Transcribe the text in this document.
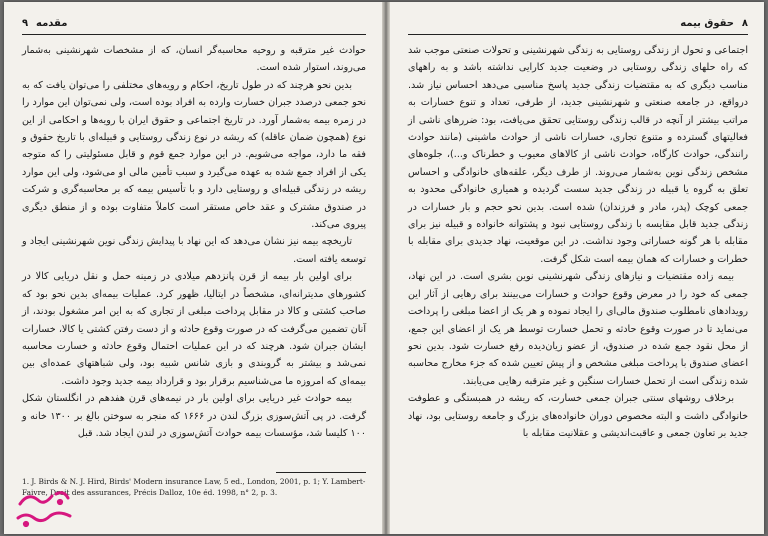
۹ مقدمه

حوادث غیر مترقبه و روحیه محاسبه‌گر انسان، که از مشخصات شهرنشینی به‌شمار می‌روند، استوار شده است.

بدین نحو هرچند که در طول تاریخ، احکام و رویه‌های مختلفی را می‌توان یافت که به نحو جمعی درصدد جبران خسارت وارده به افراد بوده است، ولی نمی‌توان این موارد را در زمره بیمه به‌شمار آورد. در تاریخ اجتماعی و حقوق ایران با رویه‌ها و احکامی از این نوع (همچون ضمان عاقله) که ریشه در نوع زندگی روستایی و قبیله‌ای با تاریخ حقوق و فقه ما دارد، مواجه می‌شویم. در این موارد جمع قوم و قابل مسئولیتی را که متوجه یکی از افراد جمع شده به عهده می‌گیرد و سبب تأمین مالی او می‌شود، ولی این موارد ریشه در زندگی قبیله‌ای و روستایی دارد و با تأسیس بیمه که بر محاسبه‌گری و شرکت در صندوق مشترک و عقد خاص مستقر است کاملاً متفاوت بوده و از منطق دیگری پیروی می‌کند.

تاریخچه بیمه نیز نشان می‌دهد که این نهاد با پیدایش زندگی نوین شهرنشینی ایجاد و توسعه یافته است.

برای اولین بار بیمه از قرن پانزدهم میلادی در زمینه حمل و نقل دریایی کالا در کشورهای مدیترانه‌ای، مشخصاً در ایتالیا، ظهور کرد. عملیات بیمه‌ای بدین نحو بود که صاحب کشتی و کالا در مقابل پرداخت مبلغی از تجاری که به این امر مشغول بودند، از آنان تضمین می‌گرفت که در صورت وقوع حادثه و از دست رفتن کشتی یا کالا، خسارات ایشان جبران شود. هرچند که در این عملیات احتمال وقوع حادثه و خسارت محاسبه نمی‌شد و بیشتر به گروبندی و بازی شانس شبیه بود، ولی شباهتهای عمده‌ای بین بیمه‌ای که امروزه ما می‌شناسیم برقرار بود و قرارداد بیمه جدید وجود داشت.

بیمه حوادث غیر دریایی برای اولین بار در نیمه‌های قرن هفدهم در انگلستان شکل گرفت. در پی آتش‌سوزی بزرگ لندن در ۱۶۶۶ که منجر به سوختن بالغ بر ۱۳۰۰ خانه و ۱۰۰ کلیسا شد، مؤسسات بیمه حوادث آتش‌سوزی در لندن ایجاد شد. قبل

1. J. Birds & N. J. Hird, Birds' Modern insurance Law, 5 ed., London, 2001, p. 1; Y. Lambert-Faivre, Droit des assurances, Précis Dalloz, 10e éd. 1998, n° 2, p. 3.
۸
حقوق بیمه

اجتماعی و تحول از زندگی روستایی به زندگی شهرنشینی و تحولات صنعتی موجب شد که راه حلهای زندگی روستایی در وضعیت جدید کارایی نداشته باشد و به راههای مناسب دیگری که به مقتضیات زندگی جدید پاسخ مناسبی می‌دهد احساس نیاز شد. درواقع، در جامعه صنعتی و شهرنشینی جدید، از طرفی، تعداد و تنوع خسارات به مراتب بیشتر از آنچه در قالب زندگی روستایی تحقق می‌یافت، بود: ضررهای ناشی از فعالیتهای گسترده و متنوع تجاری، خسارات ناشی از حوادث ماشینی (مانند حوادث رانندگی، حوادث کارگاه، حوادث ناشی از کالاهای معیوب و خطرناک و...)، جلوه‌های مشخص زندگی نوین به‌شمار می‌روند. از طرف دیگر، علقه‌های خانوادگی و احساس تعلق به گروه یا قبیله در زندگی جدید سست گردیده و همیاری خانوادگی محدود به جمعی کوچک (پدر، مادر و فرزندان) شده است. بدین نحو حجم و بار خسارات در زندگی جدید قابل مقایسه با زندگی روستایی نبود و پشتوانه خانواده و قبیله نیز برای مقابله با هر گونه خساراتی وجود نداشت. در این موقعیت، نهاد جدیدی برای مقابله با خطرات و خسارات که همان بیمه است شکل گرفت.

بیمه زاده مقتضیات و نیازهای زندگی شهرنشینی نوین بشری است. در این نهاد، جمعی که خود را در معرض وقوع حوادث و خسارات می‌بینند برای رهایی از آثار این رویدادهای نامطلوب صندوق مالی‌ای را ایجاد نموده و هر یک از اعضا مبلغی را پرداخت می‌نماید تا در صورت وقوع حادثه و تحمل خسارت توسط هر یک از اعضای این جمع، از محل نقود جمع شده در صندوق، از عضو زیان‌دیده رفع خسارت شود. بدین نحو اعضای صندوق با پرداخت مبلغی مشخص و از پیش تعیین شده که جزء مخارج محاسبه شده زندگی است از تحمل خسارات سنگین و غیر مترقبه رهایی می‌یابند.

برخلاف روشهای سنتی جبران جمعی خسارت، که ریشه در همبستگی و عطوفت خانوادگی داشت و البته مخصوص دوران خانواده‌های بزرگ و جامعه روستایی بود، نهاد جدید بر تعاون جمعی و عاقبت‌اندیشی و عقلانیت مقابله با
